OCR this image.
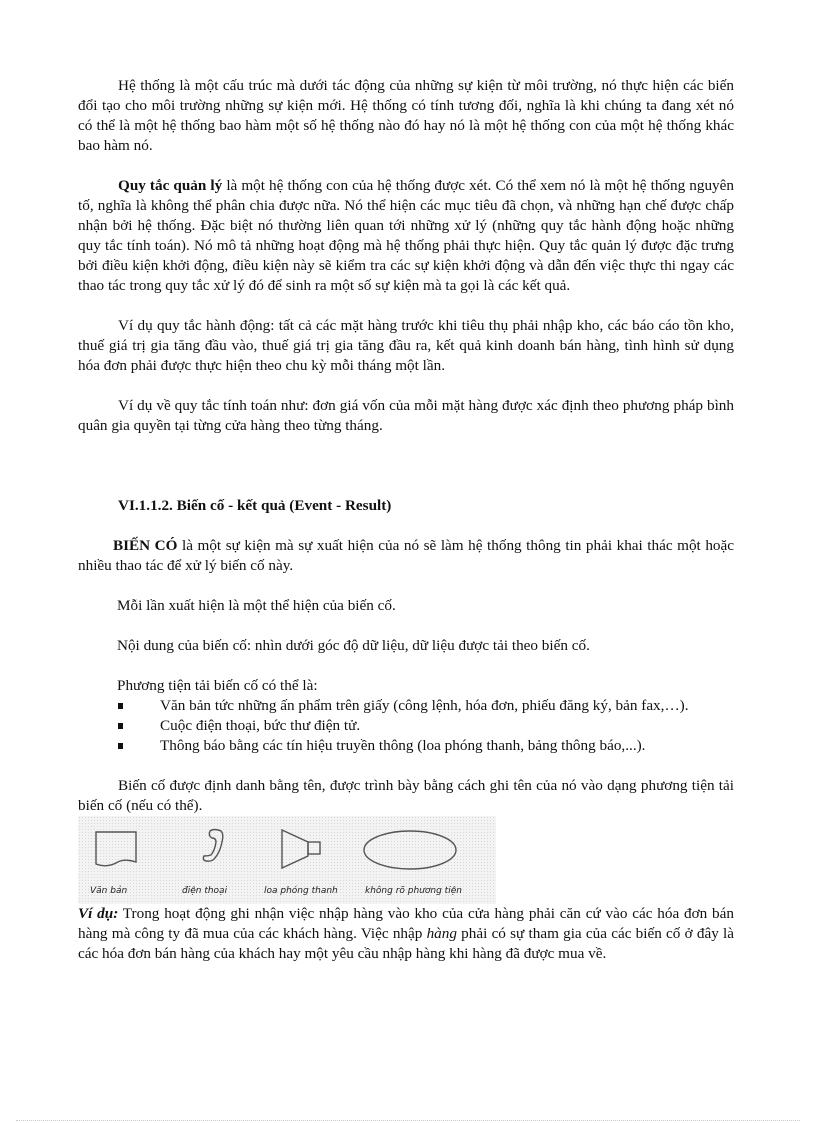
Hệ thống là một cấu trúc mà dưới tác động của những sự kiện từ môi trường, nó thực hiện các biến đổi tạo cho môi trường những sự kiện mới. Hệ thống có tính tương đối, nghĩa là khi chúng ta đang xét nó có thể là một hệ thống bao hàm một số hệ thống nào đó hay nó là một hệ thống con của một hệ thống khác bao hàm nó.

Quy tắc quản lý là một hệ thống con của hệ thống được xét. Có thể xem nó là một hệ thống nguyên tố, nghĩa là không thể phân chia được nữa. Nó thể hiện các mục tiêu đã chọn, và những hạn chế được chấp nhận bởi hệ thống. Đặc biệt nó thường liên quan tới những xử lý (những quy tắc hành động hoặc những quy tắc tính toán). Nó mô tả những hoạt động mà hệ thống phải thực hiện. Quy tắc quản lý được đặc trưng bởi điều kiện khởi động, điều kiện này sẽ kiểm tra các sự kiện khởi động và dẫn đến việc thực thi ngay các thao tác trong quy tắc xử lý đó để sinh ra một số sự kiện mà ta gọi là các kết quả.

Ví dụ quy tắc hành động: tất cả các mặt hàng trước khi tiêu thụ phải nhập kho, các báo cáo tồn kho, thuế giá trị gia tăng đầu vào, thuế giá trị gia tăng đầu ra, kết quả kinh doanh bán hàng, tình hình sử dụng hóa đơn phải được thực hiện theo chu kỳ mỗi tháng một lần.

Ví dụ về quy tắc tính toán như: đơn giá vốn của mỗi mặt hàng được xác định theo phương pháp bình quân gia quyền tại từng cửa hàng theo từng tháng.

VI.1.1.2. Biến cố - kết quả (Event - Result)

BIẾN CÓ là một sự kiện mà sự xuất hiện của nó sẽ làm hệ thống thông tin phải khai thác một hoặc nhiều thao tác để xử lý biến cố này.

Mỗi lần xuất hiện là một thể hiện của biến cố.

Nội dung của biến cố: nhìn dưới góc độ dữ liệu, dữ liệu được tải theo biến cố.

Phương tiện tải biến cố có thể là:

Văn bản tức những ấn phẩm trên giấy (công lệnh, hóa đơn, phiếu đăng ký, bản fax,…).
Cuộc điện thoại, bức thư điện tử.
Thông báo bằng các tín hiệu truyền thông (loa phóng thanh, bảng thông báo,...).

Biến cố được định danh bằng tên, được trình bày bằng cách ghi tên của nó vào dạng phương tiện tải biến cố (nếu có thể).

Văn bản	điện thoại	loa phóng thanh	không rõ phương tiện

Ví dụ: Trong hoạt động ghi nhận việc nhập hàng vào kho của cửa hàng phải căn cứ vào các hóa đơn bán hàng mà công ty đã mua của các khách hàng. Việc nhập hàng phải có sự tham gia của các biến cố ở đây là các hóa đơn bán hàng của khách hay một yêu cầu nhập hàng khi hàng đã được mua về.
